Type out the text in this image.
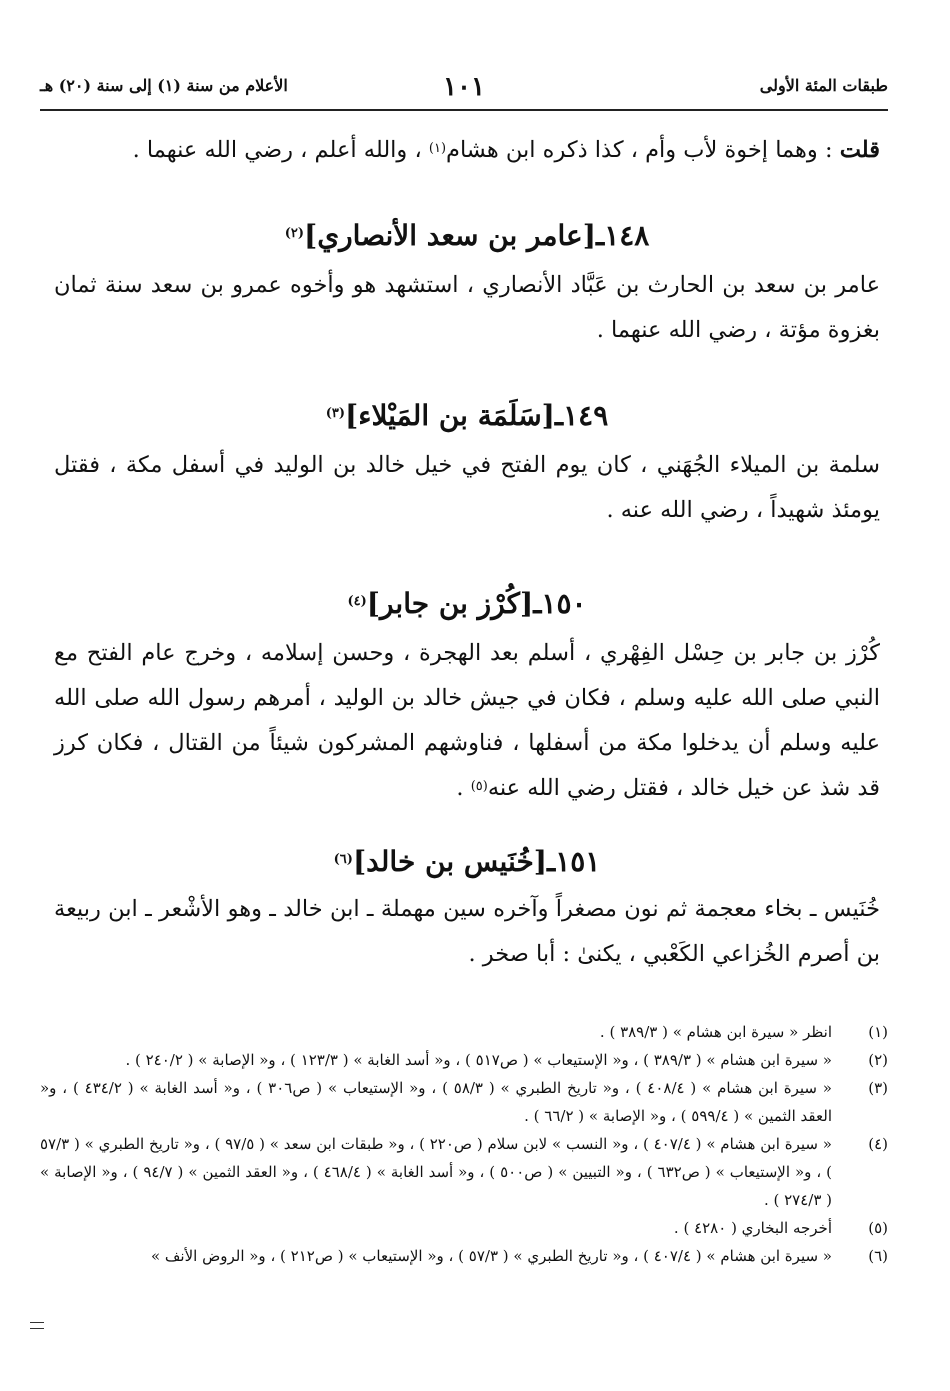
طبقات المئة الأولى
١٠١
الأعلام من سنة (١) إلى سنة (٢٠) هـ

قلت : وهما إخوة لأب وأم ، كذا ذكره ابن هشام$^{(١)}$ ، والله أعلم ، رضي الله عنهما .

١٤٨ـ[عامر بن سعد الأنصاري]$^{(٢)}$

عامر بن سعد بن الحارث بن عَبَّاد الأنصاري ، استشهد هو وأخوه عمرو بن سعد سنة ثمان بغزوة مؤتة ، رضي الله عنهما .

١٤٩ـ[سَلَمَة بن المَيْلاء]$^{(٣)}$

سلمة بن الميلاء الجُهَني ، كان يوم الفتح في خيل خالد بن الوليد في أسفل مكة ، فقتل يومئذ شهيداً ، رضي الله عنه .

١٥٠ـ[كُرْز بن جابر]$^{(٤)}$

كُرْز بن جابر بن حِسْل الفِهْري ، أسلم بعد الهجرة ، وحسن إسلامه ، وخرج عام الفتح مع النبي صلى الله عليه وسلم ، فكان في جيش خالد بن الوليد ، أمرهم رسول الله صلى الله عليه وسلم أن يدخلوا مكة من أسفلها ، فناوشهم المشركون شيئاً من القتال ، فكان كرز قد شذ عن خيل خالد ، فقتل رضي الله عنه$^{(٥)}$ .

١٥١ـ[خُنَيس بن خالد]$^{(٦)}$

خُنَيس ـ بخاء معجمة ثم نون مصغراً وآخره سين مهملة ـ ابن خالد ـ وهو الأشْعر ـ ابن ربيعة بن أصرم الخُزاعي الكَعْبي ، يكنىٰ : أبا صخر .

(١)
انظر « سيرة ابن هشام » ( ٣٨٩/٣ ) .

(٢)
« سيرة ابن هشام » ( ٣٨٩/٣ ) ، و« الإستيعاب » ( ص٥١٧ ) ، و« أسد الغابة » ( ١٢٣/٣ ) ، و« الإصابة » ( ٢٤٠/٢ ) .

(٣)
« سيرة ابن هشام » ( ٤٠٨/٤ ) ، و« تاريخ الطبري » ( ٥٨/٣ ) ، و« الإستيعاب » ( ص٣٠٦ ) ، و« أسد الغابة » ( ٤٣٤/٢ ) ، و« العقد الثمين » ( ٥٩٩/٤ ) ، و« الإصابة » ( ٦٦/٢ ) .

(٤)
« سيرة ابن هشام » ( ٤٠٧/٤ ) ، و« النسب » لابن سلام ( ص٢٢٠ ) ، و« طبقات ابن سعد » ( ٩٧/٥ ) ، و« تاريخ الطبري » ( ٥٧/٣ ) ، و« الإستيعاب » ( ص٦٣٢ ) ، و« التبيين » ( ص٥٠٠ ) ، و« أسد الغابة » ( ٤٦٨/٤ ) ، و« العقد الثمين » ( ٩٤/٧ ) ، و« الإصابة » ( ٢٧٤/٣ ) .

(٥)
أخرجه البخاري ( ٤٢٨٠ ) .

(٦)
« سيرة ابن هشام » ( ٤٠٧/٤ ) ، و« تاريخ الطبري » ( ٥٧/٣ ) ، و« الإستيعاب » ( ص٢١٢ ) ، و« الروض الأنف »
